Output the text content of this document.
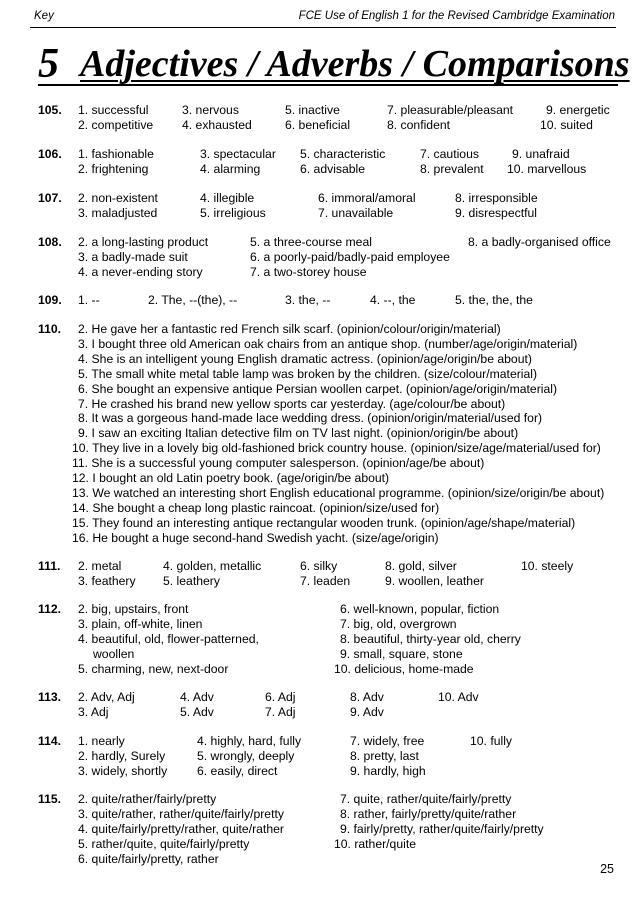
Key	FCE Use of English 1 for the Revised Cambridge Examination
5 Adjectives / Adverbs / Comparisons
105. 1. successful	3. nervous	5. inactive	7. pleasurable/pleasant	9. energetic
2. competitive 4. exhausted	6. beneficial	8. confident	10. suited
106. 1. fashionable	3. spectacular 5. characteristic	7. cautious	9. unafraid
2. frightening	4. alarming	6. advisable	8. prevalent 10. marvellous
107. 2. non-existent	4. illegible	6. immoral/amoral	8. irresponsible
3. maladjusted	5. irreligious	7. unavailable	9. disrespectful
108. 2. a long-lasting product	5. a three-course meal	8. a badly-organised office
3. a badly-made suit	6. a poorly-paid/badly-paid employee
4. a never-ending story	7. a two-storey house
109. 1. --	2. The, --(the), --	3. the, --	4. --, the	5. the, the, the
110. 2. He gave her a fantastic red French silk scarf. (opinion/colour/origin/material)
3. I bought three old American oak chairs from an antique shop. (number/age/origin/material)
4. She is an intelligent young English dramatic actress. (opinion/age/origin/be about)
5. The small white metal table lamp was broken by the children. (size/colour/material)
6. She bought an expensive antique Persian woollen carpet. (opinion/age/origin/material)
7. He crashed his brand new yellow sports car yesterday. (age/colour/be about)
8. It was a gorgeous hand-made lace wedding dress. (opinion/origin/material/used for)
9. I saw an exciting Italian detective film on TV last night. (opinion/origin/be about)
10. They live in a lovely big old-fashioned brick country house. (opinion/size/age/material/used for)
11. She is a successful young computer salesperson. (opinion/age/be about)
12. I bought an old Latin poetry book. (age/origin/be about)
13. We watched an interesting short English educational programme. (opinion/size/origin/be about)
14. She bought a cheap long plastic raincoat. (opinion/size/used for)
15. They found an interesting antique rectangular wooden trunk. (opinion/age/shape/material)
16. He bought a huge second-hand Swedish yacht. (size/age/origin)
111. 2. metal	4. golden, metallic	6. silky	8. gold, silver	10. steely
3. feathery 5. leathery	7. leaden	9. woollen, leather
112. 2. big, upstairs, front	6. well-known, popular, fiction
3. plain, off-white, linen	7. big, old, overgrown
4. beautiful, old, flower-patterned,	8. beautiful, thirty-year old, cherry
woollen	9. small, square, stone
5. charming, new, next-door	10. delicious, home-made
113. 2. Adv, Adj	4. Adv	6. Adj	8. Adv	10. Adv
3. Adj	5. Adv	7. Adj	9. Adv
114. 1. nearly	4. highly, hard, fully	7. widely, free	10. fully
2. hardly, Surely	5. wrongly, deeply	8. pretty, last
3. widely, shortly 6. easily, direct	9. hardly, high
115. 2. quite/rather/fairly/pretty	7. quite, rather/quite/fairly/pretty
3. quite/rather, rather/quite/fairly/pretty	8. rather, fairly/pretty/quite/rather
4. quite/fairly/pretty/rather, quite/rather	9. fairly/pretty, rather/quite/fairly/pretty
5. rather/quite, quite/fairly/pretty	10. rather/quite
6. quite/fairly/pretty, rather
25
